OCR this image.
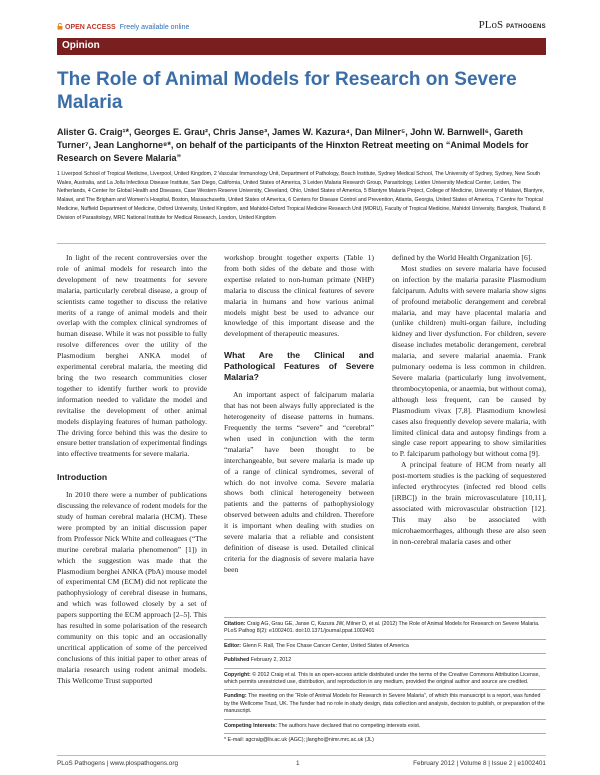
OPEN ACCESS Freely available online	PLoS PATHOGENS
Opinion
The Role of Animal Models for Research on Severe Malaria
Alister G. Craig¹*, Georges E. Grau², Chris Janse³, James W. Kazura⁴, Dan Milner⁵, John W. Barnwell⁶, Gareth Turner⁷, Jean Langhorne⁸*, on behalf of the participants of the Hinxton Retreat meeting on “Animal Models for Research on Severe Malaria”
1 Liverpool School of Tropical Medicine, Liverpool, United Kingdom, 2 Vascular Immunology Unit, Department of Pathology, Bosch Institute, Sydney Medical School, The University of Sydney, Sydney, New South Wales, Australia, and La Jolla Infectious Disease Institute, San Diego, California, United States of America, 3 Leiden Malaria Research Group, Parasitology, Leiden University Medical Center, Leiden, The Netherlands, 4 Center for Global Health and Diseases, Case Western Reserve University, Cleveland, Ohio, United States of America, 5 Blantyre Malaria Project, College of Medicine, University of Malawi, Blantyre, Malawi, and The Brigham and Women’s Hospital, Boston, Massachusetts, United States of America, 6 Centers for Disease Control and Prevention, Atlanta, Georgia, United States of America, 7 Centre for Tropical Medicine, Nuffield Department of Medicine, Oxford University, United Kingdom, and Mahidol-Oxford Tropical Medicine Research Unit (MORU), Faculty of Tropical Medicine, Mahidol University, Bangkok, Thailand, 8 Division of Parasitology, MRC National Institute for Medical Research, London, United Kingdom

In light of the recent controversies over the role of animal models for research into the development of new treatments for severe malaria, particularly cerebral disease, a group of scientists came together to discuss the relative merits of a range of animal models and their overlap with the complex clinical syndromes of human disease. While it was not possible to fully resolve differences over the utility of the Plasmodium berghei ANKA model of experimental cerebral malaria, the meeting did bring the two research communities closer together to identify further work to provide information needed to validate the model and revitalise the development of other animal models displaying features of human pathology. The driving force behind this was the desire to ensure better translation of experimental findings into effective treatments for severe malaria.

Introduction

In 2010 there were a number of publications discussing the relevance of rodent models for the study of human cerebral malaria (HCM). These were prompted by an initial discussion paper from Professor Nick White and colleagues (“The murine cerebral malaria phenomenon” [1]) in which the suggestion was made that the Plasmodium berghei ANKA (PbA) mouse model of experimental CM (ECM) did not replicate the pathophysiology of cerebral disease in humans, and which was followed closely by a set of papers supporting the ECM approach [2–5]. This has resulted in some polarisation of the research community on this topic and an occasionally uncritical application of some of the perceived conclusions of this initial paper to other areas of malaria research using rodent animal models. This Wellcome Trust supported

workshop brought together experts (Table 1) from both sides of the debate and those with expertise related to non-human primate (NHP) malaria to discuss the clinical features of severe malaria in humans and how various animal models might best be used to advance our knowledge of this important disease and the development of therapeutic measures.

What Are the Clinical and Pathological Features of Severe Malaria?

An important aspect of falciparum malaria that has not been always fully appreciated is the heterogeneity of disease patterns in humans. Frequently the terms “severe” and “cerebral” when used in conjunction with the term “malaria” have been thought to be interchangeable, but severe malaria is made up of a range of clinical syndromes, several of which do not involve coma. Severe malaria shows both clinical heterogeneity between patients and the patterns of pathophysiology observed between adults and children. Therefore it is important when dealing with studies on severe malaria that a reliable and consistent definition of disease is used. Detailed clinical criteria for the diagnosis of severe malaria have been

defined by the World Health Organization [6].

Most studies on severe malaria have focused on infection by the malaria parasite Plasmodium falciparum. Adults with severe malaria show signs of profound metabolic derangement and cerebral malaria, and may have placental malaria and (unlike children) multi-organ failure, including kidney and liver dysfunction. For children, severe disease includes metabolic derangement, cerebral malaria, and severe malarial anaemia. Frank pulmonary oedema is less common in children. Severe malaria (particularly lung involvement, thrombocytopenia, or anaemia, but without coma), although less frequent, can be caused by Plasmodium vivax [7,8]. Plasmodium knowlesi cases also frequently develop severe malaria, with limited clinical data and autopsy findings from a single case report appearing to show similarities to P. falciparum pathology but without coma [9].

A principal feature of HCM from nearly all post-mortem studies is the packing of sequestered infected erythrocytes (infected red blood cells [iRBC]) in the brain microvasculature [10,11], associated with microvascular obstruction [12]. This may also be associated with microhaemorrhages, although these are also seen in non-cerebral malaria cases and other

Citation: Craig AG, Grau GE, Janse C, Kazura JW, Milner D, et al. (2012) The Role of Animal Models for Research on Severe Malaria. PLoS Pathog 8(2): e1002401. doi:10.1371/journal.ppat.1002401
Editor: Glenn F. Rall, The Fox Chase Cancer Center, United States of America
Published February 2, 2012
Copyright: © 2012 Craig et al. This is an open-access article distributed under the terms of the Creative Commons Attribution License, which permits unrestricted use, distribution, and reproduction in any medium, provided the original author and source are credited.
Funding: The meeting on the “Role of Animal Models for Research in Severe Malaria”, of which this manuscript is a report, was funded by the Wellcome Trust, UK. The funder had no role in study design, data collection and analysis, decision to publish, or preparation of the manuscript.
Competing Interests: The authors have declared that no competing interests exist.
* E-mail: agcraig@liv.ac.uk (AGC); jlangho@nimr.mrc.ac.uk (JL)
PLoS Pathogens | www.plospathogens.org	1	February 2012 | Volume 8 | Issue 2 | e1002401
